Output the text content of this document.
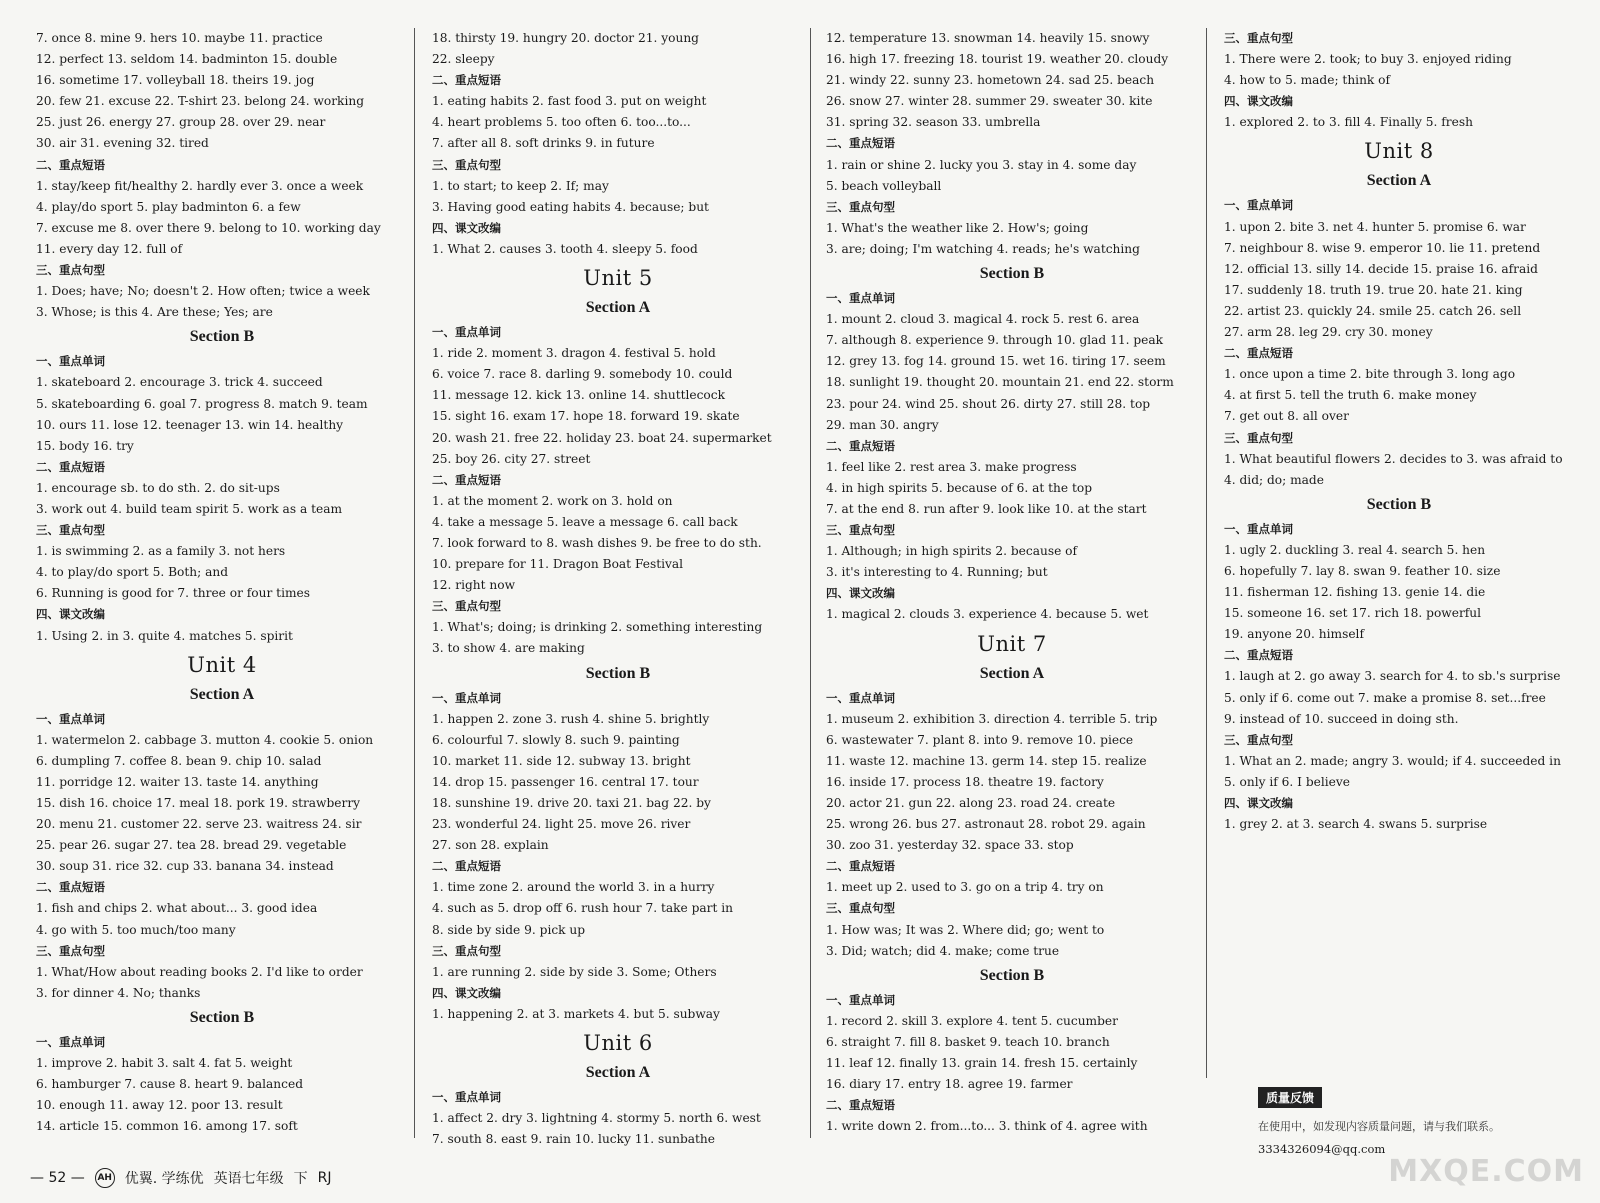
7. once 8. mine 9. hers 10. maybe 11. practice
12. perfect 13. seldom 14. badminton 15. double
16. sometime 17. volleyball 18. theirs 19. jog
20. few 21. excuse 22. T-shirt 23. belong 24. working
25. just 26. energy 27. group 28. over 29. near
30. air 31. evening 32. tired
二、重点短语
1. stay/keep fit/healthy 2. hardly ever 3. once a week
4. play/do sport 5. play badminton 6. a few
7. excuse me 8. over there 9. belong to 10. working day
11. every day 12. full of
三、重点句型
1. Does; have; No; doesn't 2. How often; twice a week
3. Whose; is this 4. Are these; Yes; are
Section B
一、重点单词
1. skateboard 2. encourage 3. trick 4. succeed
5. skateboarding 6. goal 7. progress 8. match 9. team
10. ours 11. lose 12. teenager 13. win 14. healthy
15. body 16. try
二、重点短语
1. encourage sb. to do sth. 2. do sit-ups
3. work out 4. build team spirit 5. work as a team
三、重点句型
1. is swimming 2. as a family 3. not hers
4. to play/do sport 5. Both; and
6. Running is good for 7. three or four times
四、课文改编
1. Using 2. in 3. quite 4. matches 5. spirit
Unit 4
Section A
一、重点单词
1. watermelon 2. cabbage 3. mutton 4. cookie 5. onion
6. dumpling 7. coffee 8. bean 9. chip 10. salad
11. porridge 12. waiter 13. taste 14. anything
15. dish 16. choice 17. meal 18. pork 19. strawberry
20. menu 21. customer 22. serve 23. waitress 24. sir
25. pear 26. sugar 27. tea 28. bread 29. vegetable
30. soup 31. rice 32. cup 33. banana 34. instead
二、重点短语
1. fish and chips 2. what about... 3. good idea
4. go with 5. too much/too many
三、重点句型
1. What/How about reading books 2. I'd like to order
3. for dinner 4. No; thanks
Section B
一、重点单词
1. improve 2. habit 3. salt 4. fat 5. weight
6. hamburger 7. cause 8. heart 9. balanced
10. enough 11. away 12. poor 13. result
14. article 15. common 16. among 17. soft
18. thirsty 19. hungry 20. doctor 21. young
22. sleepy
二、重点短语
1. eating habits 2. fast food 3. put on weight
4. heart problems 5. too often 6. too...to...
7. after all 8. soft drinks 9. in future
三、重点句型
1. to start; to keep 2. If; may
3. Having good eating habits 4. because; but
四、课文改编
1. What 2. causes 3. tooth 4. sleepy 5. food
Unit 5
Section A
一、重点单词
1. ride 2. moment 3. dragon 4. festival 5. hold
6. voice 7. race 8. darling 9. somebody 10. could
11. message 12. kick 13. online 14. shuttlecock
15. sight 16. exam 17. hope 18. forward 19. skate
20. wash 21. free 22. holiday 23. boat 24. supermarket
25. boy 26. city 27. street
二、重点短语
1. at the moment 2. work on 3. hold on
4. take a message 5. leave a message 6. call back
7. look forward to 8. wash dishes 9. be free to do sth.
10. prepare for 11. Dragon Boat Festival
12. right now
三、重点句型
1. What's; doing; is drinking 2. something interesting
3. to show 4. are making
Section B
一、重点单词
1. happen 2. zone 3. rush 4. shine 5. brightly
6. colourful 7. slowly 8. such 9. painting
10. market 11. side 12. subway 13. bright
14. drop 15. passenger 16. central 17. tour
18. sunshine 19. drive 20. taxi 21. bag 22. by
23. wonderful 24. light 25. move 26. river
27. son 28. explain
二、重点短语
1. time zone 2. around the world 3. in a hurry
4. such as 5. drop off 6. rush hour 7. take part in
8. side by side 9. pick up
三、重点句型
1. are running 2. side by side 3. Some; Others
四、课文改编
1. happening 2. at 3. markets 4. but 5. subway
Unit 6
Section A
一、重点单词
1. affect 2. dry 3. lightning 4. stormy 5. north 6. west
7. south 8. east 9. rain 10. lucky 11. sunbathe
12. temperature 13. snowman 14. heavily 15. snowy
16. high 17. freezing 18. tourist 19. weather 20. cloudy
21. windy 22. sunny 23. hometown 24. sad 25. beach
26. snow 27. winter 28. summer 29. sweater 30. kite
31. spring 32. season 33. umbrella
二、重点短语
1. rain or shine 2. lucky you 3. stay in 4. some day
5. beach volleyball
三、重点句型
1. What's the weather like 2. How's; going
3. are; doing; I'm watching 4. reads; he's watching
Section B
一、重点单词
1. mount 2. cloud 3. magical 4. rock 5. rest 6. area
7. although 8. experience 9. through 10. glad 11. peak
12. grey 13. fog 14. ground 15. wet 16. tiring 17. seem
18. sunlight 19. thought 20. mountain 21. end 22. storm
23. pour 24. wind 25. shout 26. dirty 27. still 28. top
29. man 30. angry
二、重点短语
1. feel like 2. rest area 3. make progress
4. in high spirits 5. because of 6. at the top
7. at the end 8. run after 9. look like 10. at the start
三、重点句型
1. Although; in high spirits 2. because of
3. it's interesting to 4. Running; but
四、课文改编
1. magical 2. clouds 3. experience 4. because 5. wet
Unit 7
Section A
一、重点单词
1. museum 2. exhibition 3. direction 4. terrible 5. trip
6. wastewater 7. plant 8. into 9. remove 10. piece
11. waste 12. machine 13. germ 14. step 15. realize
16. inside 17. process 18. theatre 19. factory
20. actor 21. gun 22. along 23. road 24. create
25. wrong 26. bus 27. astronaut 28. robot 29. again
30. zoo 31. yesterday 32. space 33. stop
二、重点短语
1. meet up 2. used to 3. go on a trip 4. try on
三、重点句型
1. How was; It was 2. Where did; go; went to
3. Did; watch; did 4. make; come true
Section B
一、重点单词
1. record 2. skill 3. explore 4. tent 5. cucumber
6. straight 7. fill 8. basket 9. teach 10. branch
11. leaf 12. finally 13. grain 14. fresh 15. certainly
16. diary 17. entry 18. agree 19. farmer
二、重点短语
1. write down 2. from...to... 3. think of 4. agree with
三、重点句型
1. There were 2. took; to buy 3. enjoyed riding
4. how to 5. made; think of
四、课文改编
1. explored 2. to 3. fill 4. Finally 5. fresh
Unit 8
Section A
一、重点单词
1. upon 2. bite 3. net 4. hunter 5. promise 6. war
7. neighbour 8. wise 9. emperor 10. lie 11. pretend
12. official 13. silly 14. decide 15. praise 16. afraid
17. suddenly 18. truth 19. true 20. hate 21. king
22. artist 23. quickly 24. smile 25. catch 26. sell
27. arm 28. leg 29. cry 30. money
二、重点短语
1. once upon a time 2. bite through 3. long ago
4. at first 5. tell the truth 6. make money
7. get out 8. all over
三、重点句型
1. What beautiful flowers 2. decides to 3. was afraid to
4. did; do; made
Section B
一、重点单词
1. ugly 2. duckling 3. real 4. search 5. hen
6. hopefully 7. lay 8. swan 9. feather 10. size
11. fisherman 12. fishing 13. genie 14. die
15. someone 16. set 17. rich 18. powerful
19. anyone 20. himself
二、重点短语
1. laugh at 2. go away 3. search for 4. to sb.'s surprise
5. only if 6. come out 7. make a promise 8. set...free
9. instead of 10. succeed in doing sth.
三、重点句型
1. What an 2. made; angry 3. would; if 4. succeeded in
5. only if 6. I believe
四、课文改编
1. grey 2. at 3. search 4. swans 5. surprise
质量反馈
在使用中，如发现内容质量问题，请与我们联系。
3334326094@qq.com
— 52 —	AH 优翼. 学练优 英语七年级 下 RJ	MXQE.COM
